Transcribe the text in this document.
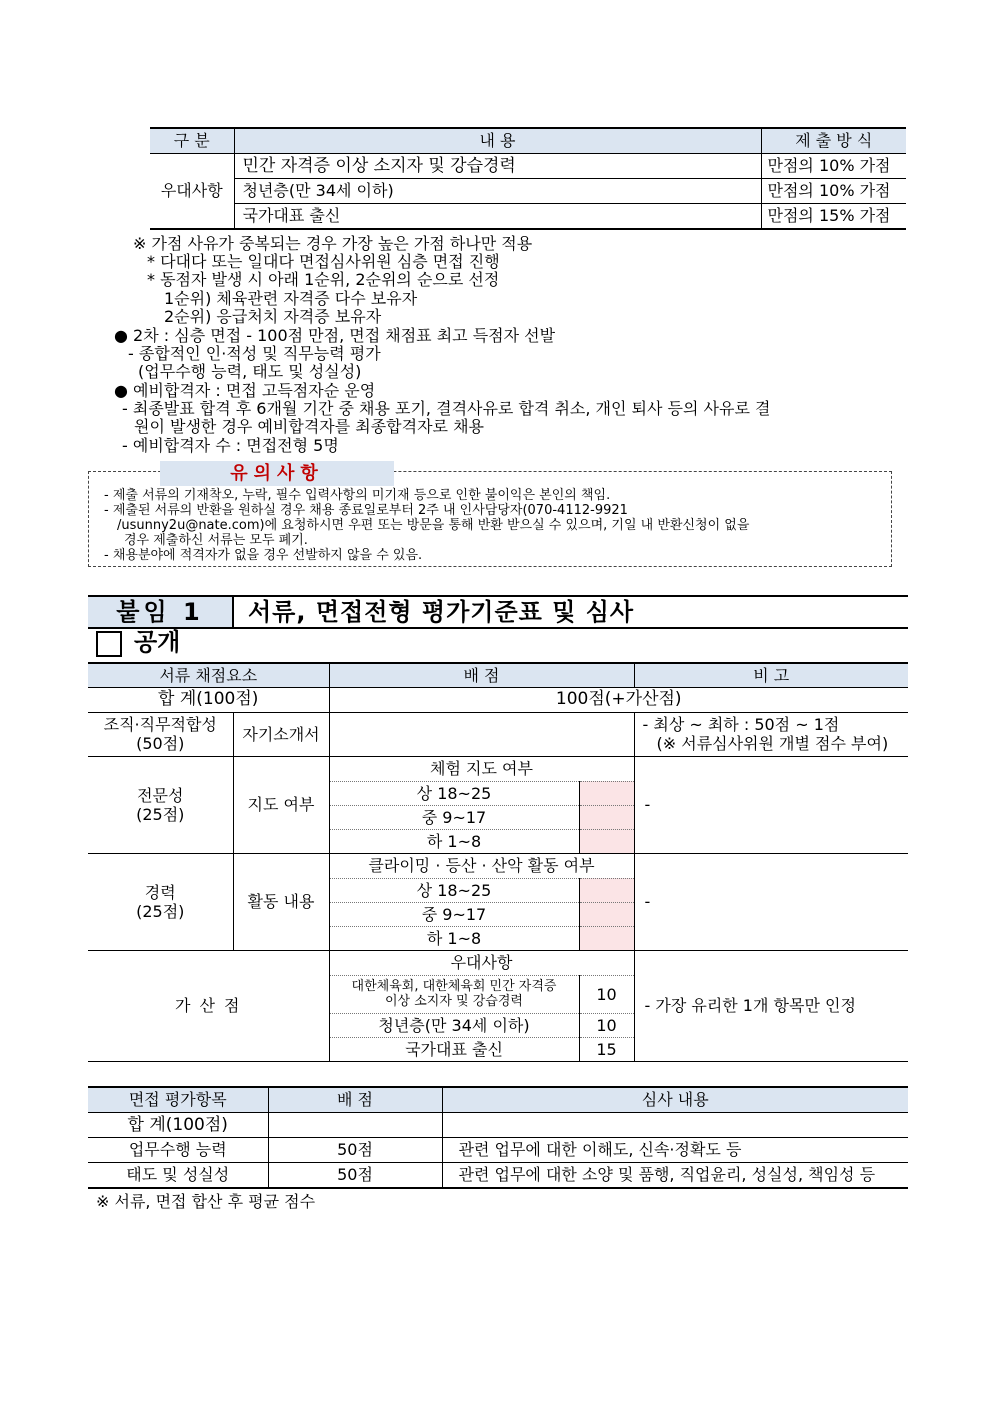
구 분	내 용	제 출 방 식
우대사항	민간 자격증 이상 소지자 및 강습경력	만점의 10% 가점
	청년층(만 34세 이하)	만점의 10% 가점
	국가대표 출신	만점의 15% 가점
※ 가점 사유가 중복되는 경우 가장 높은 가점 하나만 적용
* 다대다 또는 일대다 면접심사위원 심층 면접 진행
* 동점자 발생 시 아래 1순위, 2순위의 순으로 선정
1순위) 체육관련 자격증 다수 보유자
2순위) 응급처치 자격증 보유자
● 2차 : 심층 면접 - 100점 만점, 면접 채점표 최고 득점자 선발
- 종합적인 인·적성 및 직무능력 평가
(업무수행 능력, 태도 및 성실성)
● 예비합격자 : 면접 고득점자순 운영
- 최종발표 합격 후 6개월 기간 중 채용 포기, 결격사유로 합격 취소, 개인 퇴사 등의 사유로 결
원이 발생한 경우 예비합격자를 최종합격자로 채용
- 예비합격자 수 : 면접전형 5명
유의사항
- 제출 서류의 기재착오, 누락, 필수 입력사항의 미기재 등으로 인한 불이익은 본인의 책임.
- 제출된 서류의 반환을 원하실 경우 채용 종료일로부터 2주 내 인사담당자(070-4112-9921
/usunny2u@nate.com)에 요청하시면 우편 또는 방문을 통해 반환 받으실 수 있으며, 기일 내 반환신청이 없을
경우 제출하신 서류는 모두 폐기.
- 채용분야에 적격자가 없을 경우 선발하지 않을 수 있음.
붙임 1	서류, 면접전형 평가기준표 및 심사
공개
서류 채점요소		배 점		비 고
합 계(100점)		100점(+가산점)		
조직·직무적합성
(50점)	자기소개서			- 최상 ~ 최하 : 50점 ~ 1점
(※ 서류심사위원 개별 점수 부여)
전문성
(25점)	지도 여부	체험 지도 여부		-
		상 18~25		
		중 9~17		
		하 1~8		
경력
(25점)	활동 내용	클라이밍 · 등산 · 산악 활동 여부		-
		상 18~25		
		중 9~17		
		하 1~8		
가 산 점		우대사항		- 가장 유리한 1개 항목만 인정
		대한체육회, 대한체육회 민간 자격증
이상 소지자 및 강습경력	10	
		청년층(만 34세 이하)	10	
		국가대표 출신	15	
면접 평가항목	배 점	심사 내용
합 계(100점)		
업무수행 능력	50점	관련 업무에 대한 이해도, 신속·정확도 등
태도 및 성실성	50점	관련 업무에 대한 소양 및 품행, 직업윤리, 성실성, 책임성 등
※ 서류, 면접 합산 후 평균 점수
